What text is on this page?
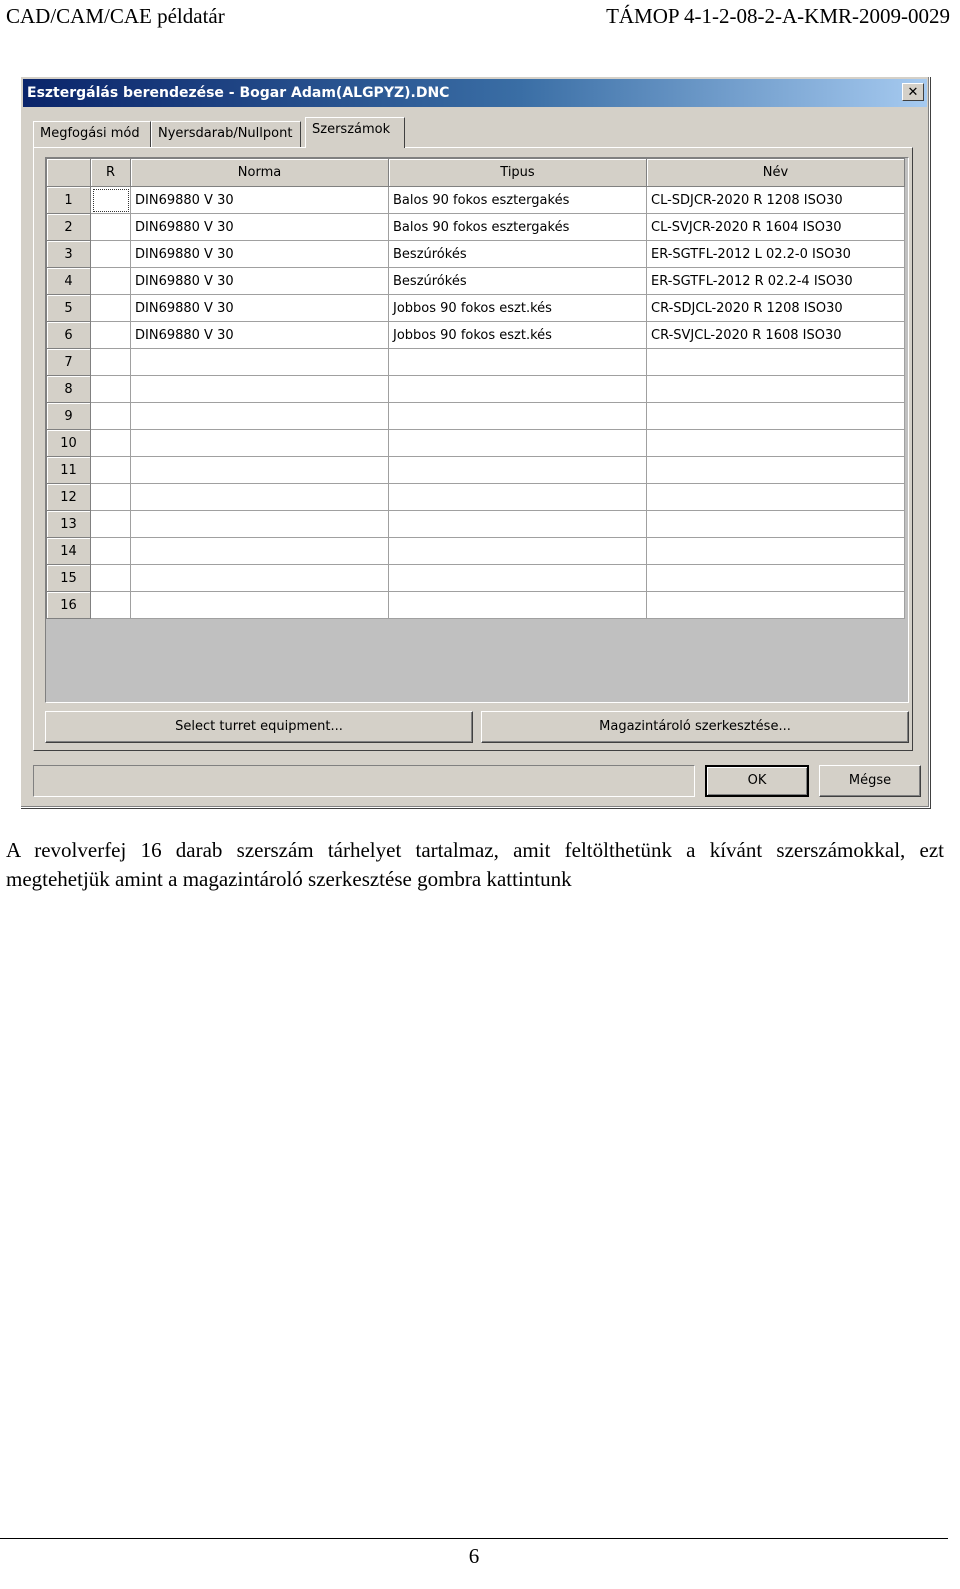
CAD/CAM/CAE példatár	TÁMOP 4-1-2-08-2-A-KMR-2009-0029
Esztergálás berendezése - Bogar Adam(ALGPYZ).DNC	✕
Megfogási mód	Nyersdarab/Nullpont	Szerszámok
	R	Norma	Tipus	Név
1		DIN69880 V 30	Balos 90 fokos esztergakés	CL-SDJCR-2020 R 1208 ISO30
2		DIN69880 V 30	Balos 90 fokos esztergakés	CL-SVJCR-2020 R 1604 ISO30
3		DIN69880 V 30	Beszúrókés	ER-SGTFL-2012 L 02.2-0 ISO30
4		DIN69880 V 30	Beszúrókés	ER-SGTFL-2012 R 02.2-4 ISO30
5		DIN69880 V 30	Jobbos 90 fokos eszt.kés	CR-SDJCL-2020 R 1208 ISO30
6		DIN69880 V 30	Jobbos 90 fokos eszt.kés	CR-SVJCL-2020 R 1608 ISO30
7				
8				
9				
10				
11				
12				
13				
14				
15				
16				
Select turret equipment...	Magazintároló szerkesztése...
OK	Mégse
A revolverfej 16 darab szerszám tárhelyet tartalmaz, amit feltölthetünk a kívánt szerszámokkal, ezt megtehetjük amint a magazintároló szerkesztése gombra kattintunk
6
